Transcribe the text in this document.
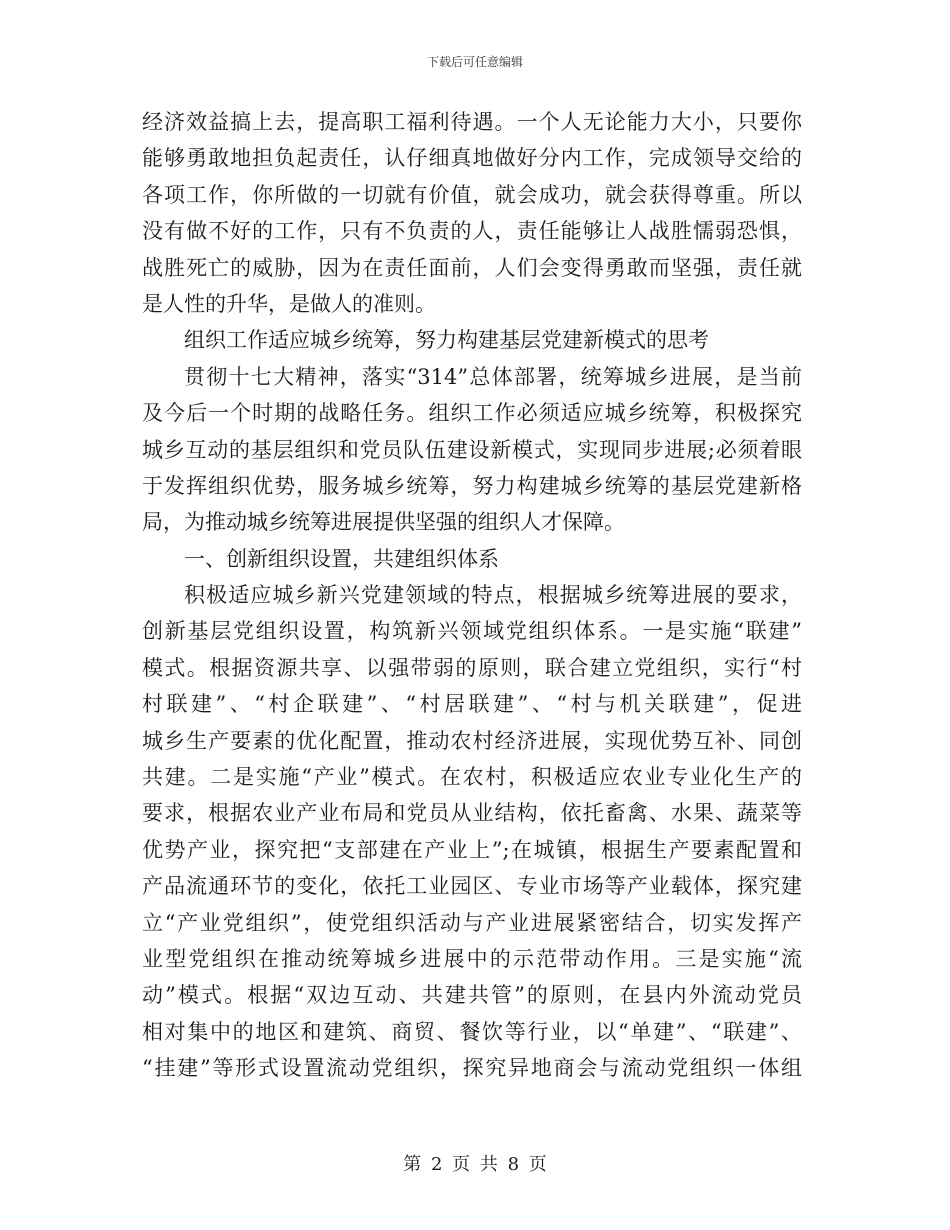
下载后可任意编辑
经济效益搞上去，提高职工福利待遇。一个人无论能力大小，只要你
能够勇敢地担负起责任，认仔细真地做好分内工作，完成领导交给的
各项工作，你所做的一切就有价值，就会成功，就会获得尊重。所以
没有做不好的工作，只有不负责的人，责任能够让人战胜懦弱恐惧，
战胜死亡的威胁，因为在责任面前，人们会变得勇敢而坚强，责任就
是人性的升华，是做人的准则。
组织工作适应城乡统筹，努力构建基层党建新模式的思考
贯彻十七大精神，落实“314”总体部署，统筹城乡进展，是当前
及今后一个时期的战略任务。组织工作必须适应城乡统筹，积极探究
城乡互动的基层组织和党员队伍建设新模式，实现同步进展;必须着眼
于发挥组织优势，服务城乡统筹，努力构建城乡统筹的基层党建新格
局，为推动城乡统筹进展提供坚强的组织人才保障。
一、创新组织设置，共建组织体系
积极适应城乡新兴党建领域的特点，根据城乡统筹进展的要求，
创新基层党组织设置，构筑新兴领域党组织体系。一是实施“联建”
模式。根据资源共享、以强带弱的原则，联合建立党组织，实行“村
村联建”、“村企联建”、“村居联建”、“村与机关联建”，促进
城乡生产要素的优化配置，推动农村经济进展，实现优势互补、同创
共建。二是实施“产业”模式。在农村，积极适应农业专业化生产的
要求，根据农业产业布局和党员从业结构，依托畜禽、水果、蔬菜等
优势产业，探究把“支部建在产业上”;在城镇，根据生产要素配置和
产品流通环节的变化，依托工业园区、专业市场等产业载体，探究建
立“产业党组织”，使党组织活动与产业进展紧密结合，切实发挥产
业型党组织在推动统筹城乡进展中的示范带动作用。三是实施“流
动”模式。根据“双边互动、共建共管”的原则，在县内外流动党员
相对集中的地区和建筑、商贸、餐饮等行业，以“单建”、“联建”、
“挂建”等形式设置流动党组织，探究异地商会与流动党组织一体组
第 2 页 共 8 页
